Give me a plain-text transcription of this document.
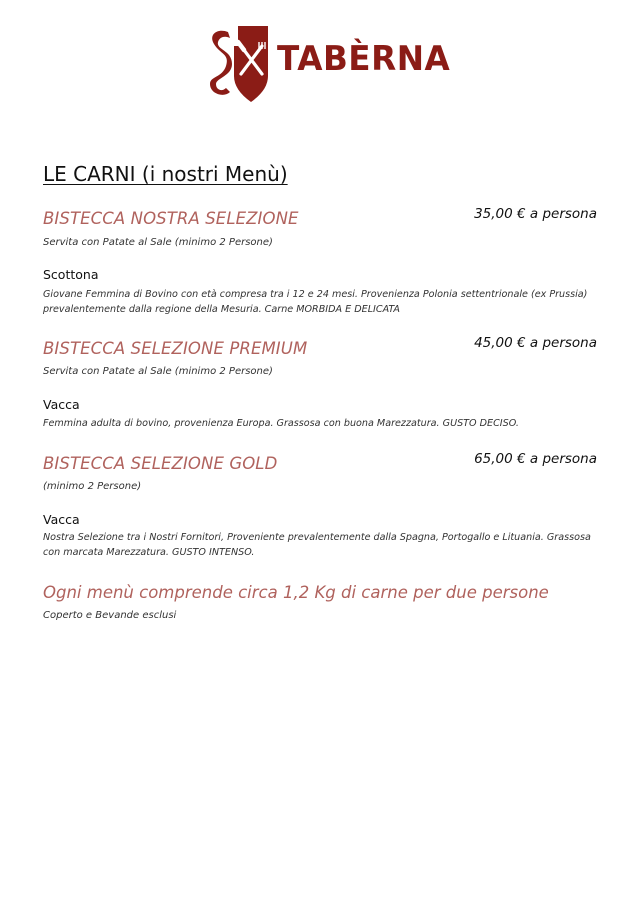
TABÈRNA
LE CARNI (i nostri Menù)
BISTECCA NOSTRA SELEZIONE	35,00 € a persona
Servita con Patate al Sale (minimo 2 Persone)
Scottona
Giovane Femmina di Bovino con età compresa tra i 12 e 24 mesi. Provenienza Polonia settentrionale (ex Prussia) prevalentemente dalla regione della Mesuria. Carne MORBIDA E DELICATA
BISTECCA SELEZIONE PREMIUM	45,00 € a persona
Servita con Patate al Sale (minimo 2 Persone)
Vacca
Femmina adulta di bovino, provenienza Europa. Grassosa con buona Marezzatura. GUSTO DECISO.
BISTECCA SELEZIONE GOLD	65,00 € a persona
(minimo 2 Persone)
Vacca
Nostra Selezione tra i Nostri Fornitori, Proveniente prevalentemente dalla Spagna, Portogallo e Lituania. Grassosa con marcata Marezzatura. GUSTO INTENSO.
Ogni menù comprende circa 1,2 Kg di carne per due persone
Coperto e Bevande esclusi
